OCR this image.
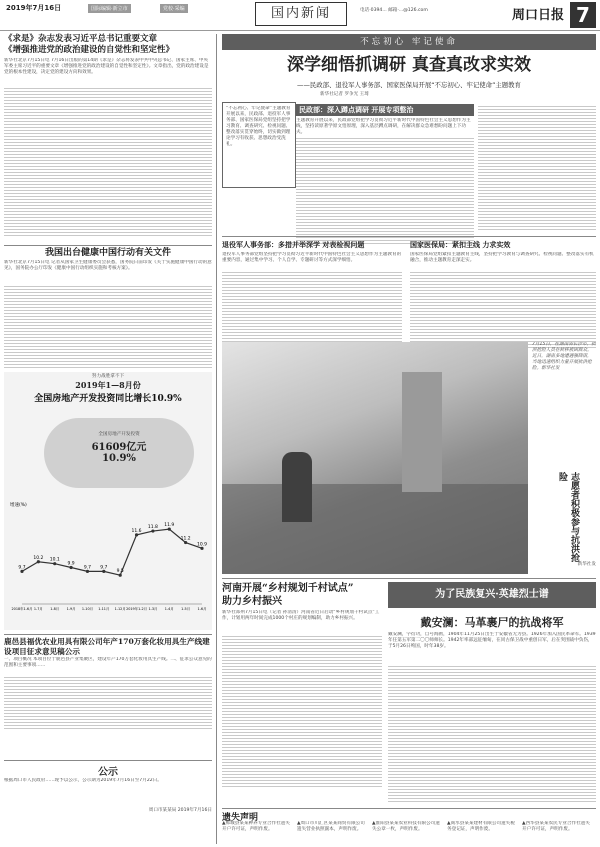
2019年7月16日	国际编辑·新立市	党校·采编	国内新闻	电话·0394... 邮箱·...@126.com	周口日报 7
《求是》杂志发表习近平总书记重要文章
《增强推进党的政治建设的自觉性和坚定性》
新华社北京7月15日电 7月16日出版的第14期《求是》杂志将发表中共中央总书记、国家主席、中央军委主席习近平的重要文章《增强推进党的政治建设的自觉性和坚定性》。文章指出，党的政治建设是党的根本性建设，决定党的建设方向和效果。
我国出台健康中国行动有关文件
新华社北京7月15日电 记者从国家卫生健康委员会获悉，国务院日前印发《关于实施健康中国行动的意见》，国务院办公厅印发《健康中国行动组织实施和考核方案》。
努力战胜拿不下
2019年1—8月份
全国房地产开发投资同比增长10.9%
全国房地产开发投资
61609亿元
10.9%
9.7
2018年1-6月
10.2
1-7月
10.1
1-8月
9.9
1-9月
9.7
1-10月
9.7
1-11月
9.5
1-12月
11.6
2019年1-2月
11.8
1-3月
11.9
1-4月
11.2
1-5月
10.9
1-6月
增速(%)
鹿邑县福优农业用具有限公司年产170万套化妆用具生产线建设项目征求意见稿公示
一、项目概况 本项目位于鹿邑县产业集聚区，建设年产170万套化妆用具生产线。二、征求公众意见的范围和主要事项……
公示
根据周口市人民政府……现予以公示，公示期为2019年7月16日至7月22日。
周口市某某局 2019年7月16日
不忘初心 牢记使命
深学细悟抓调研 真查真改求实效
——民政部、退役军人事务部、国家医保局开展“不忘初心、牢记使命”主题教育
新华社记者 罗争光 王琦
“不忘初心、牢记使命”主题教育开展以来，民政部、退役军人事务部、国家医保局党组坚持把学习教育、调查研究、检视问题、整改落实贯穿始终，切实做到理论学习有收获、思想政治受洗礼。
民政部：深入蹲点调研 开展专项整治
主题教育开展以来，民政部党组把学习贯彻习近平新时代中国特色社会主义思想作为主线，坚持读原著学原文悟原理，深入基层蹲点调研，在解决群众急难愁盼问题上下功夫。
退役军人事务部：多措并举深学 对表检视问题
退役军人事务部党组坚持把学习贯彻习近平新时代中国特色社会主义思想作为主题教育的重要内容，通过集中学习、个人自学、专题研讨等方式深学细悟。
国家医保局：紧扣主线 力求实效
国家医保局党组紧扣主题教育主线，坚持把学习教育与调查研究、检视问题、整改落实有机融合，推动主题教育走深走实。
7月15日，在湖南省长沙市，抗洪抢险人员在转移被困群众。近日，湖南多地遭遇强降雨，当地迅速组织力量开展抗洪抢险。新华社发
志愿者积极参与抗洪抢险
新华社发
河南开展“乡村规划千村试点”
助力乡村振兴
新华社郑州7月15日电（记者 孙清清）河南省近日启动“乡村规划千村试点”工作，计划用两年时间完成1000个村庄的规划编制，助力乡村振兴。
为了民族复兴·英雄烈士谱
戴安澜：马革裹尸的抗战将军
戴安澜，字衍功，自号海鸥，1904年11月25日出生于安徽省无为县。1926年加入国民革命军。1939年任第五军第二〇〇师师长。1942年率部远征缅甸，在同古保卫战中重创日军，后在突围战中负伤，于5月26日殉国，时年38岁。
遗失声明
▲郸城县某某种养专业合作社遗失开户许可证，声明作废。
▲周口市川汇区某某商贸有限公司遗失营业执照副本，声明作废。
▲淮阳县某某农业科技有限公司遗失公章一枚，声明作废。
▲商水县某某建材有限公司遗失税务登记证，声明作废。
▲西华县某某农民专业合作社遗失开户许可证，声明作废。
